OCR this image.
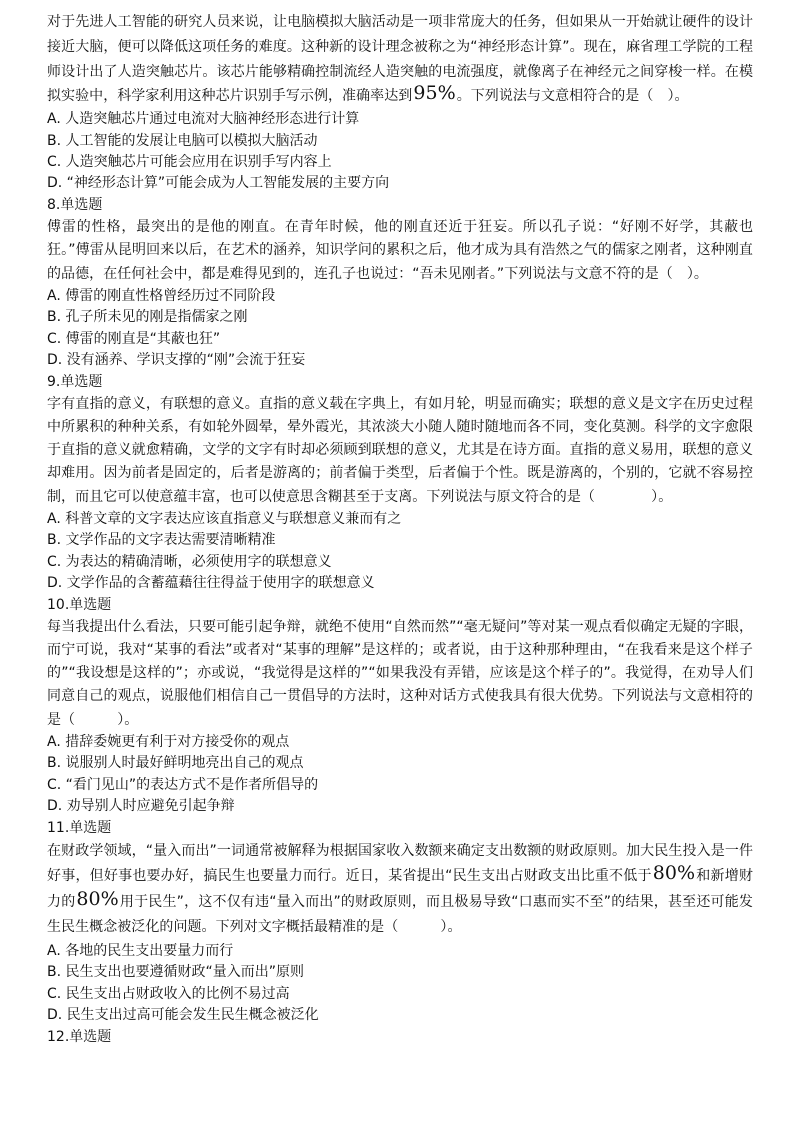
对于先进人工智能的研究人员来说，让电脑模拟大脑活动是一项非常庞大的任务，但如果从一开始就让硬件的设计接近大脑，便可以降低这项任务的难度。这种新的设计理念被称之为“神经形态计算”。现在，麻省理工学院的工程师设计出了人造突触芯片。该芯片能够精确控制流经人造突触的电流强度，就像离子在神经元之间穿梭一样。在模拟实验中，科学家利用这种芯片识别手写示例，准确率达到95%。下列说法与文意相符合的是（　）。

A. 人造突触芯片通过电流对大脑神经形态进行计算

B. 人工智能的发展让电脑可以模拟大脑活动

C. 人造突触芯片可能会应用在识别手写内容上

D. “神经形态计算”可能会成为人工智能发展的主要方向

8.单选题

傅雷的性格，最突出的是他的刚直。在青年时候，他的刚直还近于狂妄。所以孔子说：“好刚不好学，其蔽也狂。”傅雷从昆明回来以后，在艺术的涵养，知识学问的累积之后，他才成为具有浩然之气的儒家之刚者，这种刚直的品德，在任何社会中，都是难得见到的，连孔子也说过：“吾未见刚者。”下列说法与文意不符的是（　）。

A. 傅雷的刚直性格曾经历过不同阶段

B. 孔子所未见的刚是指儒家之刚

C. 傅雷的刚直是“其蔽也狂”

D. 没有涵养、学识支撑的“刚”会流于狂妄

9.单选题

字有直指的意义，有联想的意义。直指的意义载在字典上，有如月轮，明显而确实；联想的意义是文字在历史过程中所累积的种种关系，有如轮外圆晕，晕外霞光，其浓淡大小随人随时随地而各不同，变化莫测。科学的文字愈限于直指的意义就愈精确，文学的文字有时却必须顾到联想的意义，尤其是在诗方面。直指的意义易用，联想的意义却难用。因为前者是固定的，后者是游离的；前者偏于类型，后者偏于个性。既是游离的，个别的，它就不容易控制，而且它可以使意蕴丰富，也可以使意思含糊甚至于支离。下列说法与原文符合的是（　　　　）。

A. 科普文章的文字表达应该直指意义与联想意义兼而有之

B. 文学作品的文字表达需要清晰精准

C. 为表达的精确清晰，必须使用字的联想意义

D. 文学作品的含蓄蕴藉往往得益于使用字的联想意义

10.单选题

每当我提出什么看法，只要可能引起争辩，就绝不使用“自然而然”“毫无疑问”等对某一观点看似确定无疑的字眼，而宁可说，我对“某事的看法”或者对“某事的理解”是这样的；或者说，由于这种那种理由，“在我看来是这个样子的”“我设想是这样的”；亦或说，“我觉得是这样的”“如果我没有弄错，应该是这个样子的”。我觉得，在劝导人们同意自己的观点，说服他们相信自己一贯倡导的方法时，这种对话方式使我具有很大优势。下列说法与文意相符的是（　　　）。

A. 措辞委婉更有利于对方接受你的观点

B. 说服别人时最好鲜明地亮出自己的观点

C. “看门见山”的表达方式不是作者所倡导的

D. 劝导别人时应避免引起争辩

11.单选题

在财政学领域，“量入而出”一词通常被解释为根据国家收入数额来确定支出数额的财政原则。加大民生投入是一件好事，但好事也要办好，搞民生也要量力而行。近日，某省提出“民生支出占财政支出比重不低于80%和新增财力的80%用于民生”，这不仅有违“量入而出”的财政原则，而且极易导致“口惠而实不至”的结果，甚至还可能发生民生概念被泛化的问题。下列对文字概括最精准的是（　　　）。

A. 各地的民生支出要量力而行

B. 民生支出也要遵循财政“量入而出”原则

C. 民生支出占财政收入的比例不易过高

D. 民生支出过高可能会发生民生概念被泛化

12.单选题
